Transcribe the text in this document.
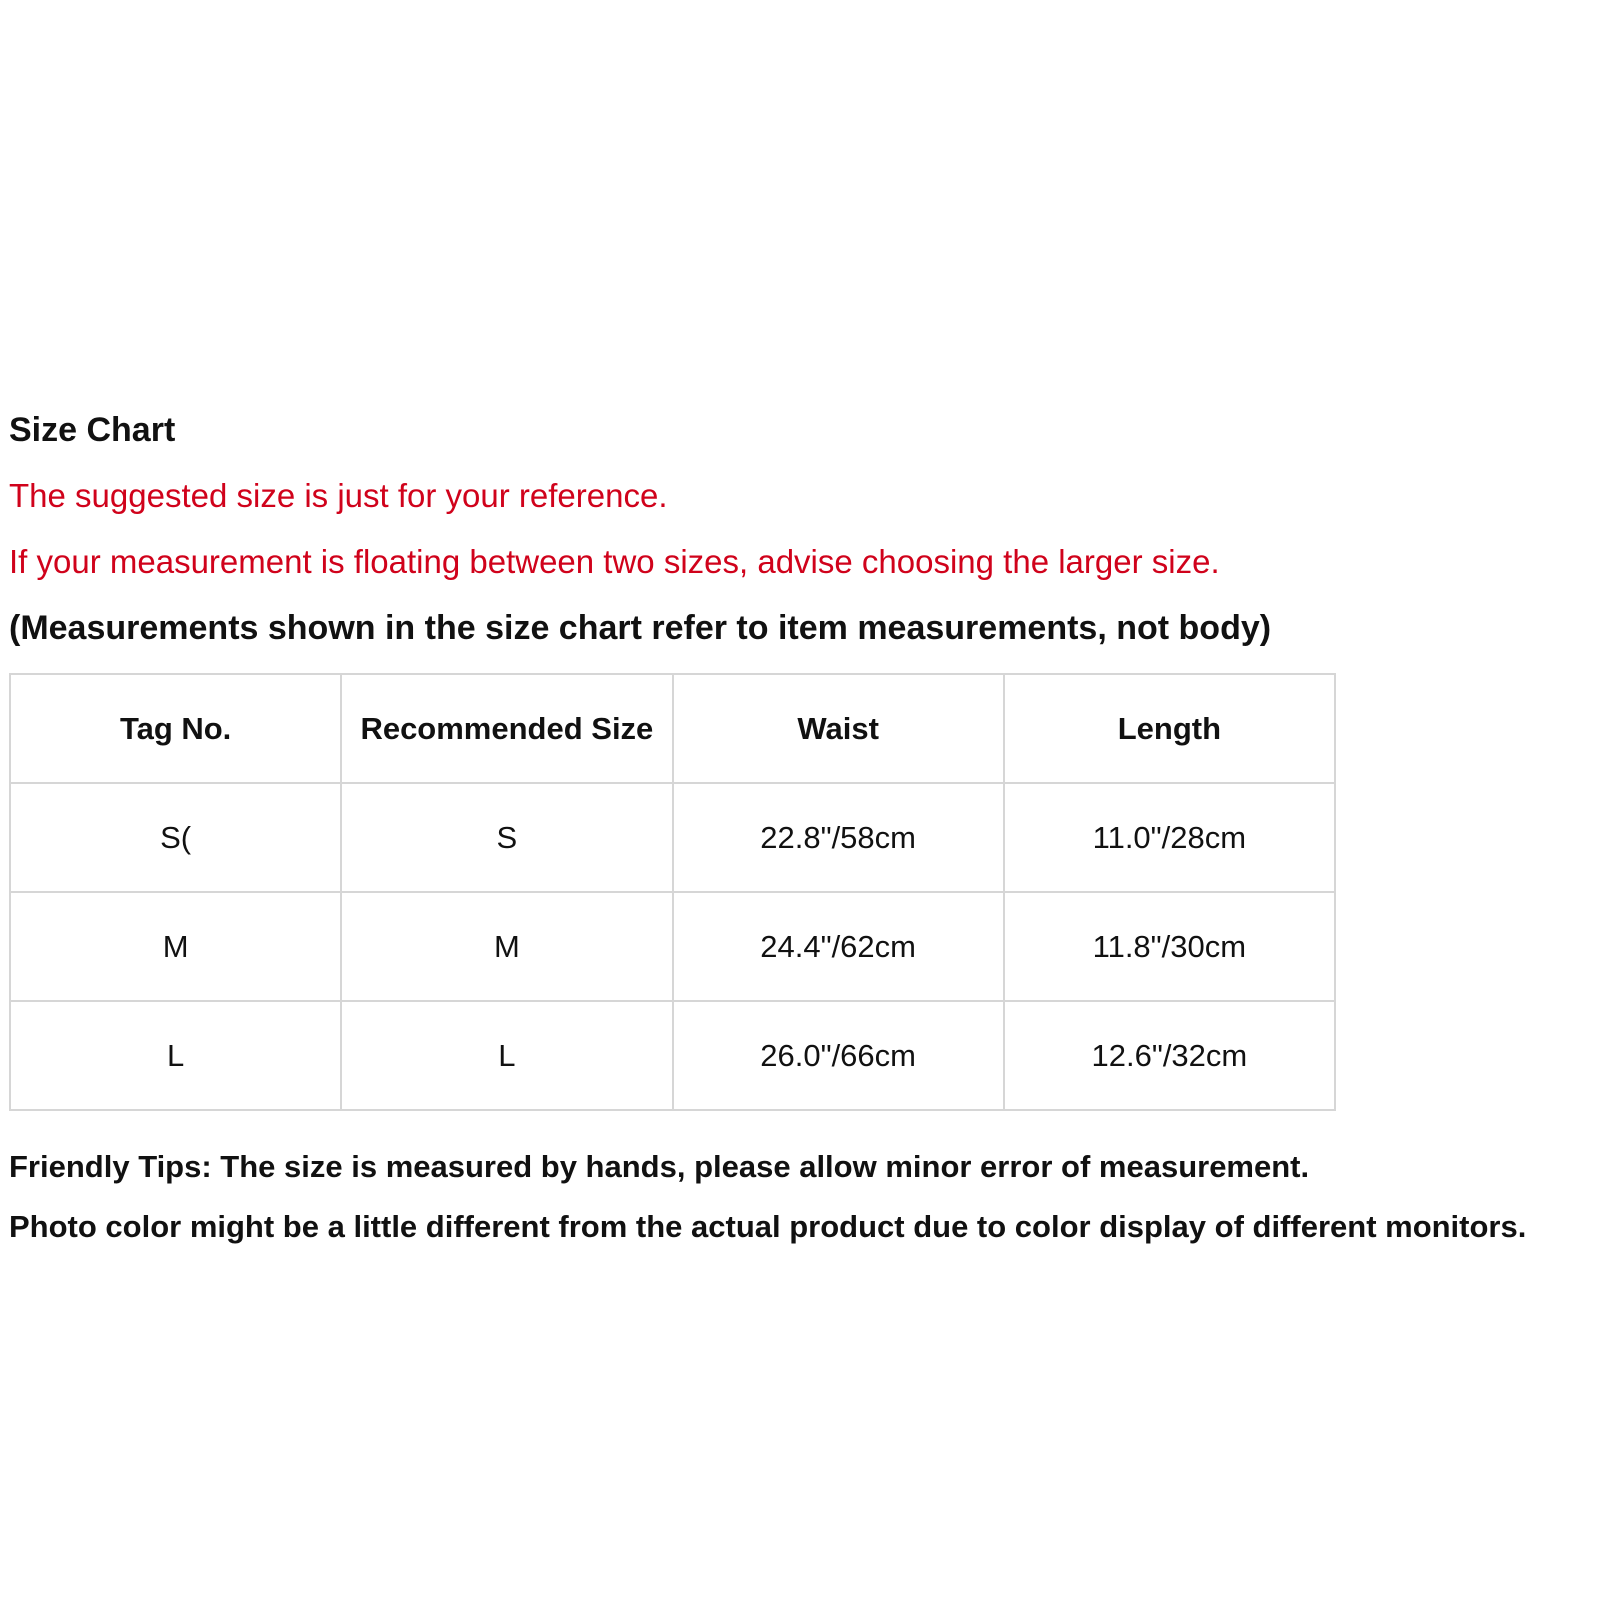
Size Chart
The suggested size is just for your reference.
If your measurement is floating between two sizes, advise choosing the larger size.
(Measurements shown in the size chart refer to item measurements, not body)
Tag No.	Recommended Size	Waist	Length
S(	S	22.8"/58cm	11.0"/28cm
M	M	24.4"/62cm	11.8"/30cm
L	L	26.0"/66cm	12.6"/32cm
Friendly Tips: The size is measured by hands, please allow minor error of measurement.
Photo color might be a little different from the actual product due to color display of different monitors.
